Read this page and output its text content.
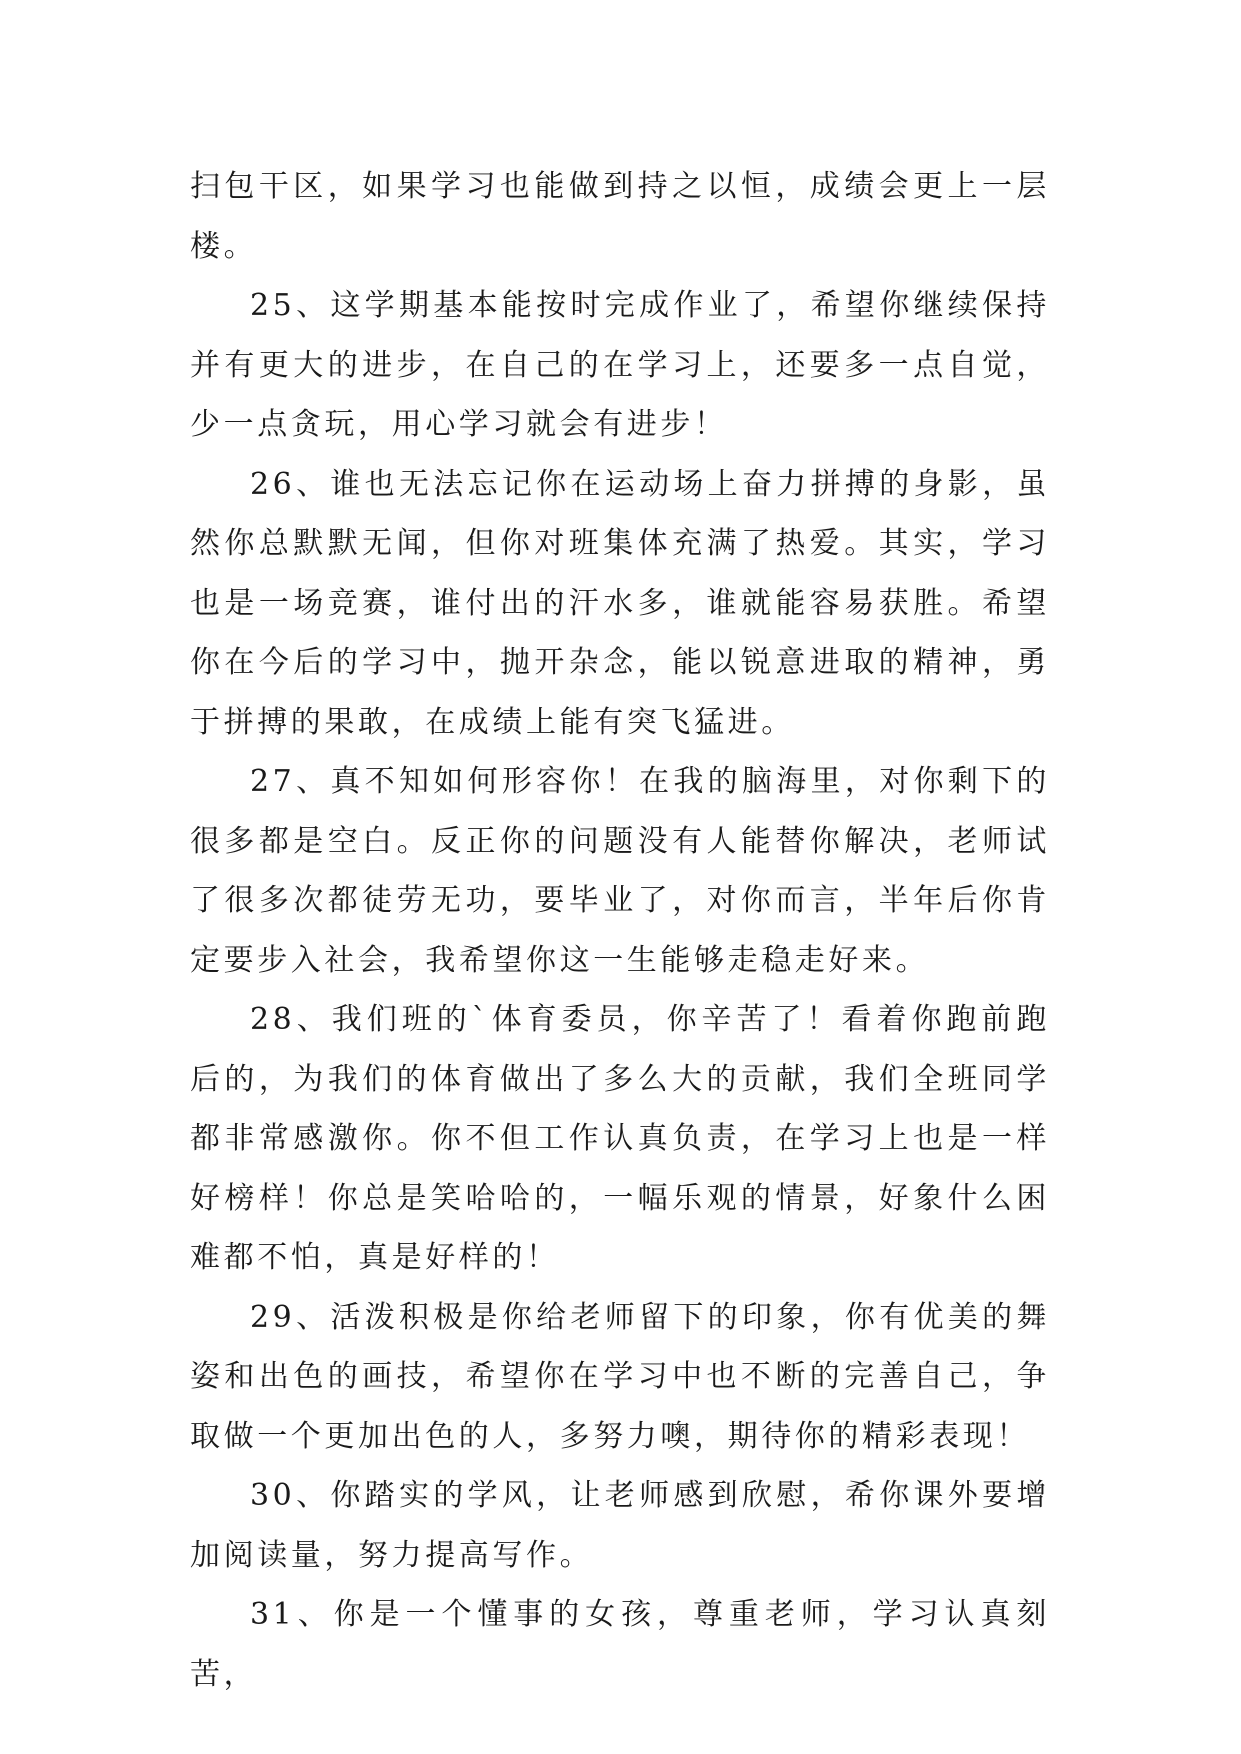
扫包干区，如果学习也能做到持之以恒，成绩会更上一层楼。

25、这学期基本能按时完成作业了，希望你继续保持并有更大的进步，在自己的在学习上，还要多一点自觉，少一点贪玩，用心学习就会有进步！

26、谁也无法忘记你在运动场上奋力拼搏的身影，虽然你总默默无闻，但你对班集体充满了热爱。其实，学习也是一场竞赛，谁付出的汗水多，谁就能容易获胜。希望你在今后的学习中，抛开杂念，能以锐意进取的精神，勇于拼搏的果敢，在成绩上能有突飞猛进。

27、真不知如何形容你！在我的脑海里，对你剩下的很多都是空白。反正你的问题没有人能替你解决，老师试了很多次都徒劳无功，要毕业了，对你而言，半年后你肯定要步入社会，我希望你这一生能够走稳走好来。

28、我们班的`体育委员，你辛苦了！看着你跑前跑后的，为我们的体育做出了多么大的贡献，我们全班同学都非常感激你。你不但工作认真负责，在学习上也是一样好榜样！你总是笑哈哈的，一幅乐观的情景，好象什么困难都不怕，真是好样的！

29、活泼积极是你给老师留下的印象，你有优美的舞姿和出色的画技，希望你在学习中也不断的完善自己，争取做一个更加出色的人，多努力噢，期待你的精彩表现！

30、你踏实的学风，让老师感到欣慰，希你课外要增加阅读量，努力提高写作。

31、你是一个懂事的女孩，尊重老师，学习认真刻苦，
